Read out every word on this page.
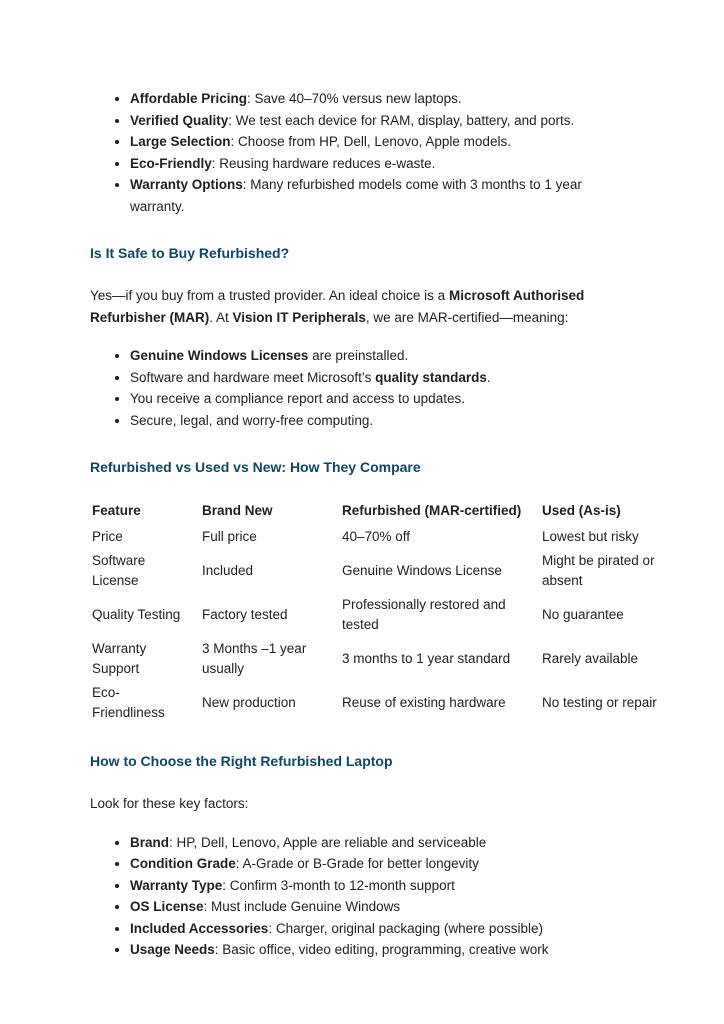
• Affordable Pricing: Save 40–70% versus new laptops.
• Verified Quality: We test each device for RAM, display, battery, and ports.
• Large Selection: Choose from HP, Dell, Lenovo, Apple models.
• Eco-Friendly: Reusing hardware reduces e-waste.
• Warranty Options: Many refurbished models come with 3 months to 1 year warranty.
Is It Safe to Buy Refurbished?

Yes—if you buy from a trusted provider. An ideal choice is a Microsoft Authorised Refurbisher (MAR). At Vision IT Peripherals, we are MAR-certified—meaning:

• Genuine Windows Licenses are preinstalled.
• Software and hardware meet Microsoft’s quality standards.
• You receive a compliance report and access to updates.
• Secure, legal, and worry-free computing.
Refurbished vs Used vs New: How They Compare
Feature	Brand New	Refurbished (MAR-certified)	Used (As-is)
Price	Full price	40–70% off	Lowest but risky
Software License	Included	Genuine Windows License	Might be pirated or absent
Quality Testing	Factory tested	Professionally restored and tested	No guarantee
Warranty Support	3 Months –1 year usually	3 months to 1 year standard	Rarely available
Eco-Friendliness	New production	Reuse of existing hardware	No testing or repair
How to Choose the Right Refurbished Laptop

Look for these key factors:

• Brand: HP, Dell, Lenovo, Apple are reliable and serviceable
• Condition Grade: A-Grade or B-Grade for better longevity
• Warranty Type: Confirm 3-month to 12-month support
• OS License: Must include Genuine Windows
• Included Accessories: Charger, original packaging (where possible)
• Usage Needs: Basic office, video editing, programming, creative work
